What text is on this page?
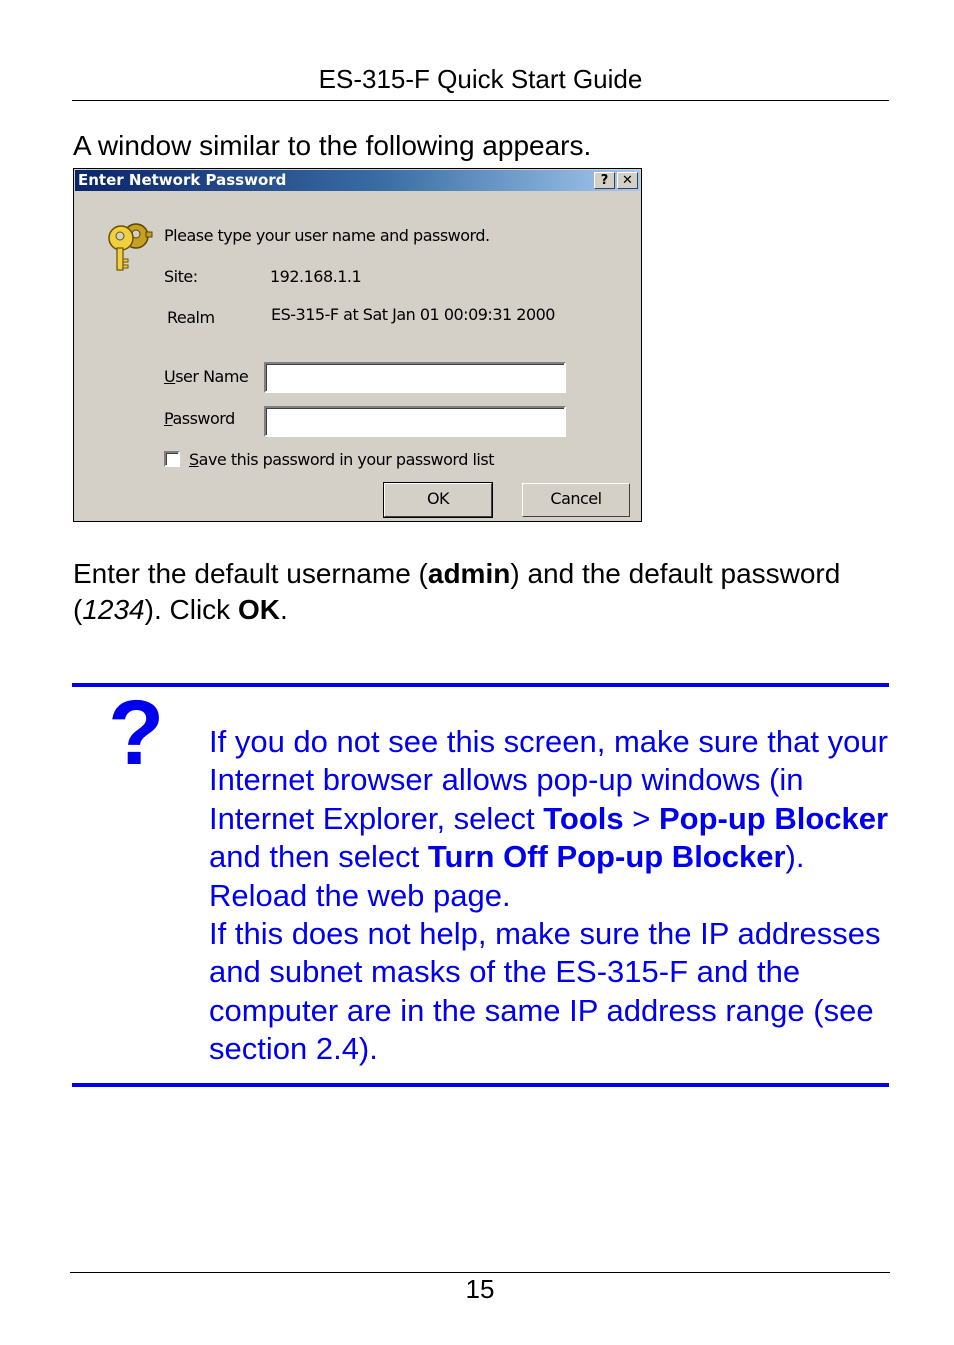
ES-315-F Quick Start Guide
A window similar to the following appears.
Enter Network Password	?	✕
Please type your user name and password.
Site:	192.168.1.1
Realm	ES-315-F at Sat Jan 01 00:09:31 2000
User Name
Password
Save this password in your password list
OK	Cancel
Enter the default username (admin) and the default password (1234). Click OK.
? If you do not see this screen, make sure that your Internet browser allows pop-up windows (in Internet Explorer, select Tools > Pop-up Blocker and then select Turn Off Pop-up Blocker). Reload the web page.
If this does not help, make sure the IP addresses and subnet masks of the ES-315-F and the computer are in the same IP address range (see section 2.4).
15
